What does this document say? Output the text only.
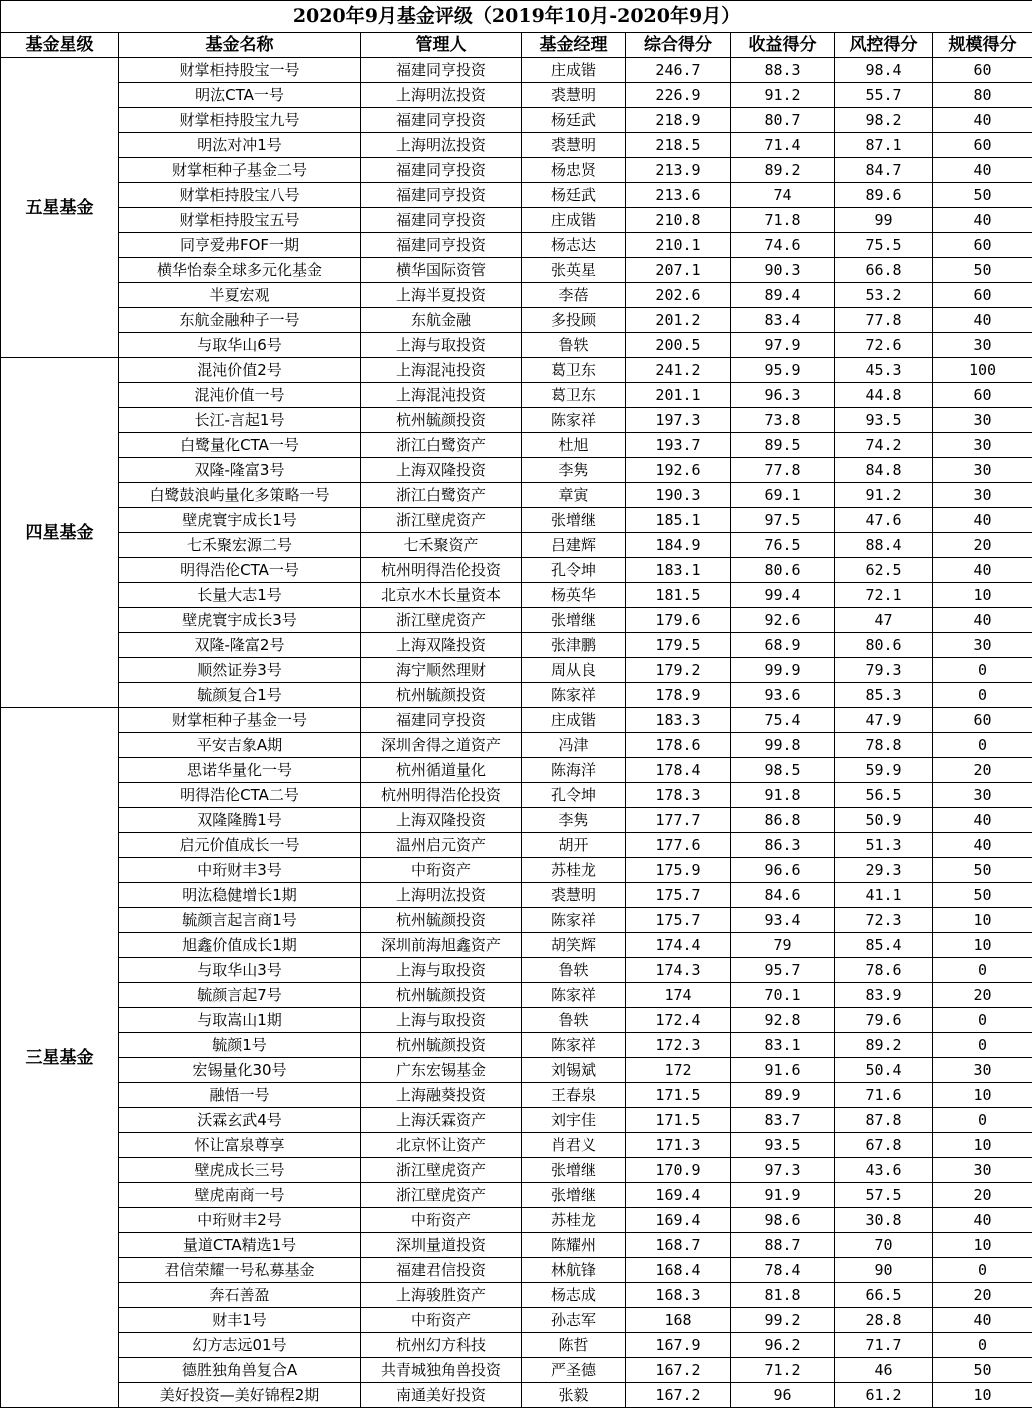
2020年9月基金评级（2019年10月-2020年9月）							
基金星级	基金名称	管理人	基金经理	综合得分	收益得分	风控得分	规模得分
五星基金	财掌柜持股宝一号	福建同亨投资	庄成锴	246.7	88.3	98.4	60
	明汯CTA一号	上海明汯投资	裘慧明	226.9	91.2	55.7	80
	财掌柜持股宝九号	福建同亨投资	杨廷武	218.9	80.7	98.2	40
	明汯对冲1号	上海明汯投资	裘慧明	218.5	71.4	87.1	60
	财掌柜种子基金二号	福建同亨投资	杨忠贤	213.9	89.2	84.7	40
	财掌柜持股宝八号	福建同亨投资	杨廷武	213.6	74	89.6	50
	财掌柜持股宝五号	福建同亨投资	庄成锴	210.8	71.8	99	40
	同亨爱弗FOF一期	福建同亨投资	杨志达	210.1	74.6	75.5	60
	横华怡泰全球多元化基金	横华国际资管	张英星	207.1	90.3	66.8	50
	半夏宏观	上海半夏投资	李蓓	202.6	89.4	53.2	60
	东航金融种子一号	东航金融	多投顾	201.2	83.4	77.8	40
	与取华山6号	上海与取投资	鲁轶	200.5	97.9	72.6	30
四星基金	混沌价值2号	上海混沌投资	葛卫东	241.2	95.9	45.3	100
	混沌价值一号	上海混沌投资	葛卫东	201.1	96.3	44.8	60
	长江-言起1号	杭州毓颜投资	陈家祥	197.3	73.8	93.5	30
	白鹭量化CTA一号	浙江白鹭资产	杜旭	193.7	89.5	74.2	30
	双隆-隆富3号	上海双隆投资	李隽	192.6	77.8	84.8	30
	白鹭鼓浪屿量化多策略一号	浙江白鹭资产	章寅	190.3	69.1	91.2	30
	壁虎寰宇成长1号	浙江壁虎资产	张增继	185.1	97.5	47.6	40
	七禾聚宏源二号	七禾聚资产	吕建辉	184.9	76.5	88.4	20
	明得浩伦CTA一号	杭州明得浩伦投资	孔令坤	183.1	80.6	62.5	40
	长量大志1号	北京水木长量资本	杨英华	181.5	99.4	72.1	10
	壁虎寰宇成长3号	浙江壁虎资产	张增继	179.6	92.6	47	40
	双隆-隆富2号	上海双隆投资	张津鹏	179.5	68.9	80.6	30
	顺然证券3号	海宁顺然理财	周从良	179.2	99.9	79.3	0
	毓颜复合1号	杭州毓颜投资	陈家祥	178.9	93.6	85.3	0
三星基金	财掌柜种子基金一号	福建同亨投资	庄成锴	183.3	75.4	47.9	60
	平安吉象A期	深圳舍得之道资产	冯津	178.6	99.8	78.8	0
	思诺华量化一号	杭州循道量化	陈海洋	178.4	98.5	59.9	20
	明得浩伦CTA二号	杭州明得浩伦投资	孔令坤	178.3	91.8	56.5	30
	双隆隆腾1号	上海双隆投资	李隽	177.7	86.8	50.9	40
	启元价值成长一号	温州启元资产	胡开	177.6	86.3	51.3	40
	中珩财丰3号	中珩资产	苏桂龙	175.9	96.6	29.3	50
	明汯稳健增长1期	上海明汯投资	裘慧明	175.7	84.6	41.1	50
	毓颜言起言商1号	杭州毓颜投资	陈家祥	175.7	93.4	72.3	10
	旭鑫价值成长1期	深圳前海旭鑫资产	胡笑辉	174.4	79	85.4	10
	与取华山3号	上海与取投资	鲁轶	174.3	95.7	78.6	0
	毓颜言起7号	杭州毓颜投资	陈家祥	174	70.1	83.9	20
	与取嵩山1期	上海与取投资	鲁轶	172.4	92.8	79.6	0
	毓颜1号	杭州毓颜投资	陈家祥	172.3	83.1	89.2	0
	宏锡量化30号	广东宏锡基金	刘锡斌	172	91.6	50.4	30
	融悟一号	上海融葵投资	王春泉	171.5	89.9	71.6	10
	沃霖玄武4号	上海沃霖资产	刘宇佳	171.5	83.7	87.8	0
	怀让富泉尊享	北京怀让资产	肖君义	171.3	93.5	67.8	10
	壁虎成长三号	浙江壁虎资产	张增继	170.9	97.3	43.6	30
	壁虎南商一号	浙江壁虎资产	张增继	169.4	91.9	57.5	20
	中珩财丰2号	中珩资产	苏桂龙	169.4	98.6	30.8	40
	量道CTA精选1号	深圳量道投资	陈耀州	168.7	88.7	70	10
	君信荣耀一号私募基金	福建君信投资	林航锋	168.4	78.4	90	0
	奔石善盈	上海骏胜资产	杨志成	168.3	81.8	66.5	20
	财丰1号	中珩资产	孙志军	168	99.2	28.8	40
	幻方志远01号	杭州幻方科技	陈哲	167.9	96.2	71.7	0
	德胜独角兽复合A	共青城独角兽投资	严圣德	167.2	71.2	46	50
	美好投资—美好锦程2期	南通美好投资	张毅	167.2	96	61.2	10
